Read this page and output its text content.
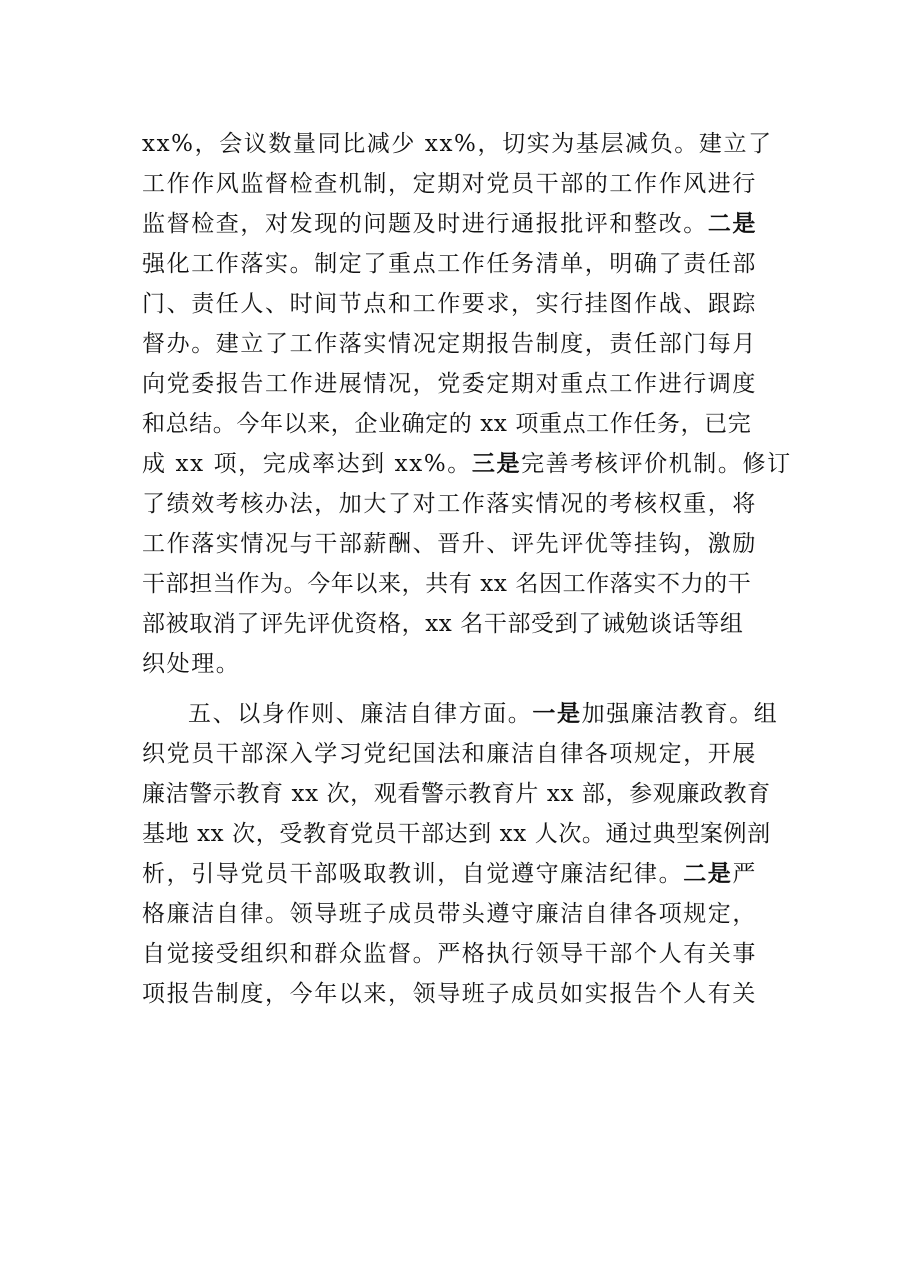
xx%，会议数量同比减少 xx%，切实为基层减负。建立了
工作作风监督检查机制，定期对党员干部的工作作风进行
监督检查，对发现的问题及时进行通报批评和整改。二是
强化工作落实。制定了重点工作任务清单，明确了责任部
门、责任人、时间节点和工作要求，实行挂图作战、跟踪
督办。建立了工作落实情况定期报告制度，责任部门每月
向党委报告工作进展情况，党委定期对重点工作进行调度
和总结。今年以来，企业确定的 xx 项重点工作任务，已完
成 xx 项，完成率达到 xx%。三是完善考核评价机制。修订
了绩效考核办法，加大了对工作落实情况的考核权重，将
工作落实情况与干部薪酬、晋升、评先评优等挂钩，激励
干部担当作为。今年以来，共有 xx 名因工作落实不力的干
部被取消了评先评优资格，xx 名干部受到了诫勉谈话等组
织处理。
五、以身作则、廉洁自律方面。一是加强廉洁教育。组
织党员干部深入学习党纪国法和廉洁自律各项规定，开展
廉洁警示教育 xx 次，观看警示教育片 xx 部，参观廉政教育
基地 xx 次，受教育党员干部达到 xx 人次。通过典型案例剖
析，引导党员干部吸取教训，自觉遵守廉洁纪律。二是严
格廉洁自律。领导班子成员带头遵守廉洁自律各项规定，
自觉接受组织和群众监督。严格执行领导干部个人有关事
项报告制度，今年以来，领导班子成员如实报告个人有关
